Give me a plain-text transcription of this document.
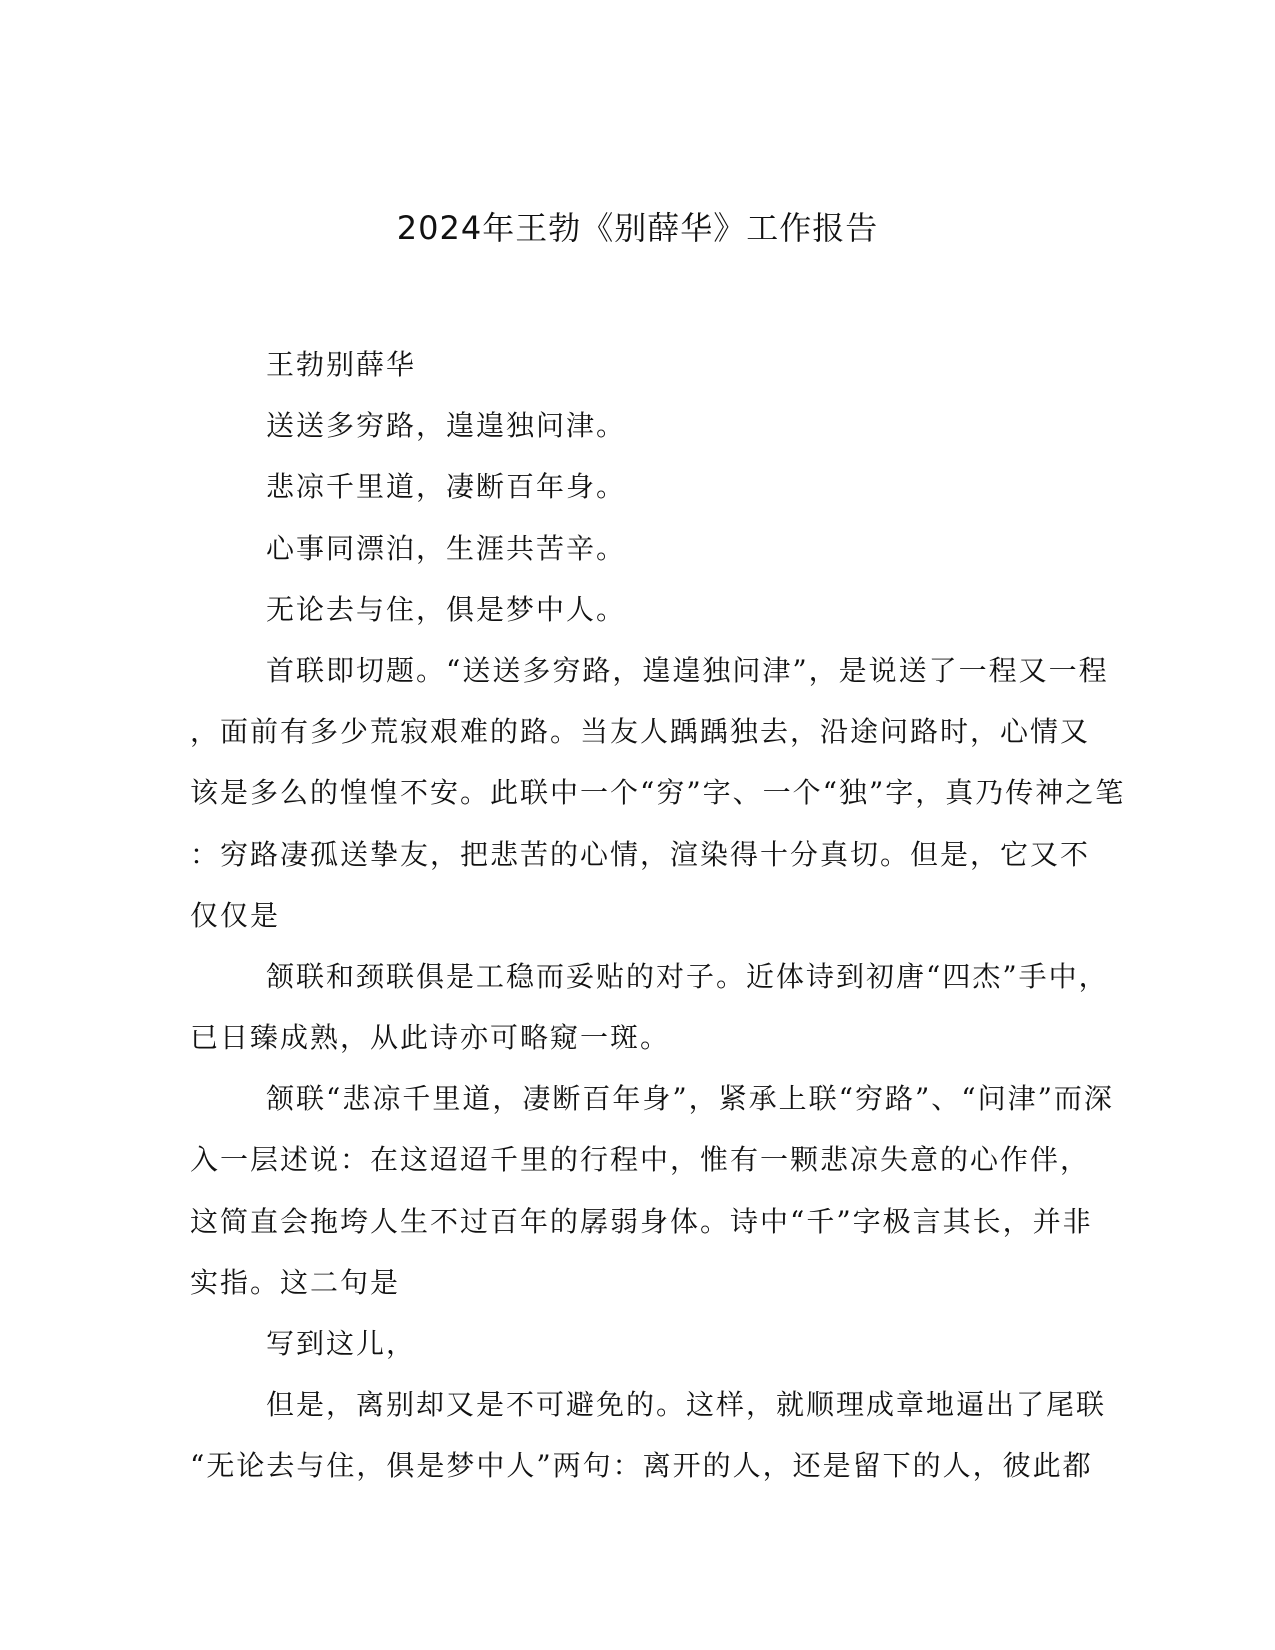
2024年王勃《别薛华》工作报告

王勃别薛华

送送多穷路，遑遑独问津。

悲凉千里道，凄断百年身。

心事同漂泊，生涯共苦辛。

无论去与住，俱是梦中人。

首联即切题。“送送多穷路，遑遑独问津”，是说送了一程又一程

，面前有多少荒寂艰难的路。当友人踽踽独去，沿途问路时，心情又

该是多么的惶惶不安。此联中一个“穷”字、一个“独”字，真乃传神之笔

：穷路凄孤送挚友，把悲苦的心情，渲染得十分真切。但是，它又不

仅仅是

颔联和颈联俱是工稳而妥贴的对子。近体诗到初唐“四杰”手中，

已日臻成熟，从此诗亦可略窥一斑。

颔联“悲凉千里道，凄断百年身”，紧承上联“穷路”、“问津”而深

入一层述说：在这迢迢千里的行程中，惟有一颗悲凉失意的心作伴，

这简直会拖垮人生不过百年的孱弱身体。诗中“千”字极言其长，并非

实指。这二句是

写到这儿，

但是，离别却又是不可避免的。这样，就顺理成章地逼出了尾联

“无论去与住，俱是梦中人”两句：离开的人，还是留下的人，彼此都
